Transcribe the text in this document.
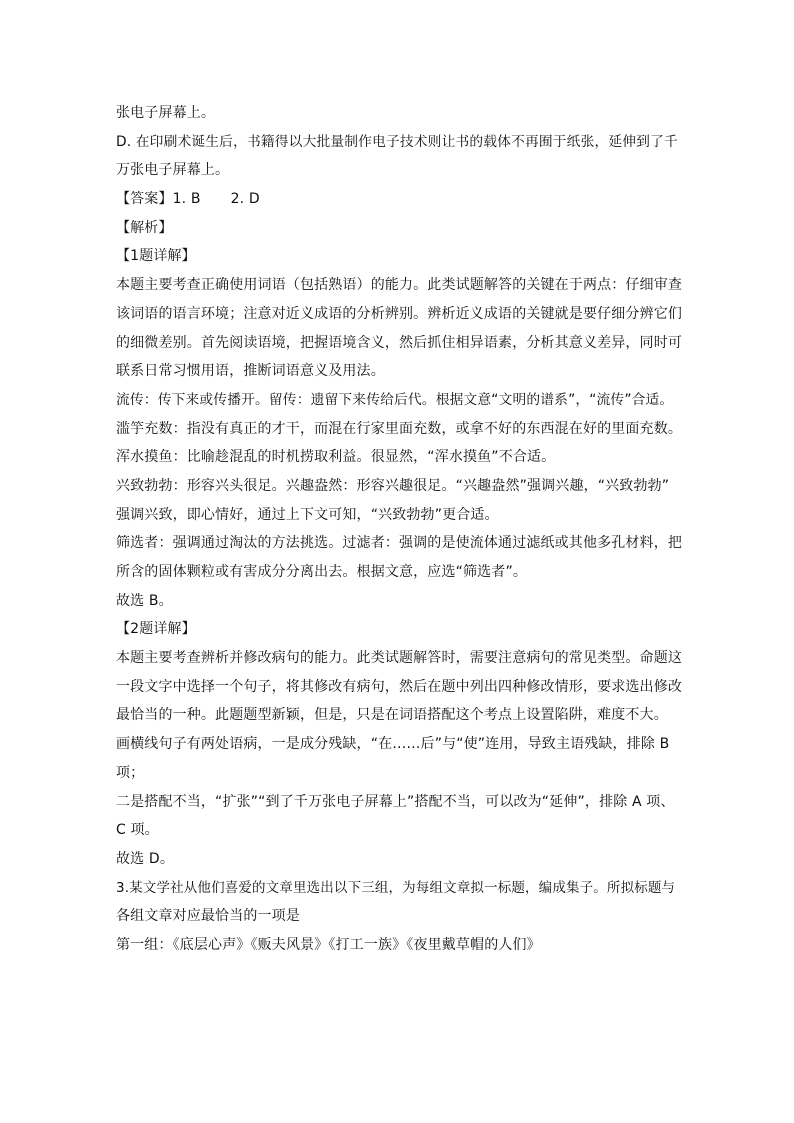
张电子屏幕上。
D. 在印刷术诞生后，书籍得以大批量制作电子技术则让书的载体不再囿于纸张，延伸到了千
万张电子屏幕上。
【答案】1. B 2. D
【解析】
【1题详解】
本题主要考查正确使用词语（包括熟语）的能力。此类试题解答的关键在于两点：仔细审查
该词语的语言环境；注意对近义成语的分析辨别。辨析近义成语的关键就是要仔细分辨它们
的细微差别。首先阅读语境，把握语境含义，然后抓住相异语素，分析其意义差异，同时可
联系日常习惯用语，推断词语意义及用法。
流传：传下来或传播开。留传：遗留下来传给后代。根据文意“文明的谱系”，“流传”合适。
滥竽充数：指没有真正的才干，而混在行家里面充数，或拿不好的东西混在好的里面充数。
浑水摸鱼：比喻趁混乱的时机捞取利益。很显然，“浑水摸鱼”不合适。
兴致勃勃：形容兴头很足。兴趣盎然：形容兴趣很足。“兴趣盎然”强调兴趣，“兴致勃勃”
强调兴致，即心情好，通过上下文可知，“兴致勃勃”更合适。
筛选者：强调通过淘汰的方法挑选。过滤者：强调的是使流体通过滤纸或其他多孔材料，把
所含的固体颗粒或有害成分分离出去。根据文意，应选“筛选者”。
故选 B。
【2题详解】
本题主要考查辨析并修改病句的能力。此类试题解答时，需要注意病句的常见类型。命题这
一段文字中选择一个句子，将其修改有病句，然后在题中列出四种修改情形，要求选出修改
最恰当的一种。此题题型新颖，但是，只是在词语搭配这个考点上设置陷阱，难度不大。
画横线句子有两处语病，一是成分残缺，“在……后”与“使”连用，导致主语残缺，排除 B
项；
二是搭配不当，“扩张”“到了千万张电子屏幕上”搭配不当，可以改为“延伸”，排除 A 项、
C 项。
故选 D。
3.某文学社从他们喜爱的文章里选出以下三组，为每组文章拟一标题，编成集子。所拟标题与
各组文章对应最恰当的一项是
第一组：《底层心声》《贩夫风景》《打工一族》《夜里戴草帽的人们》
